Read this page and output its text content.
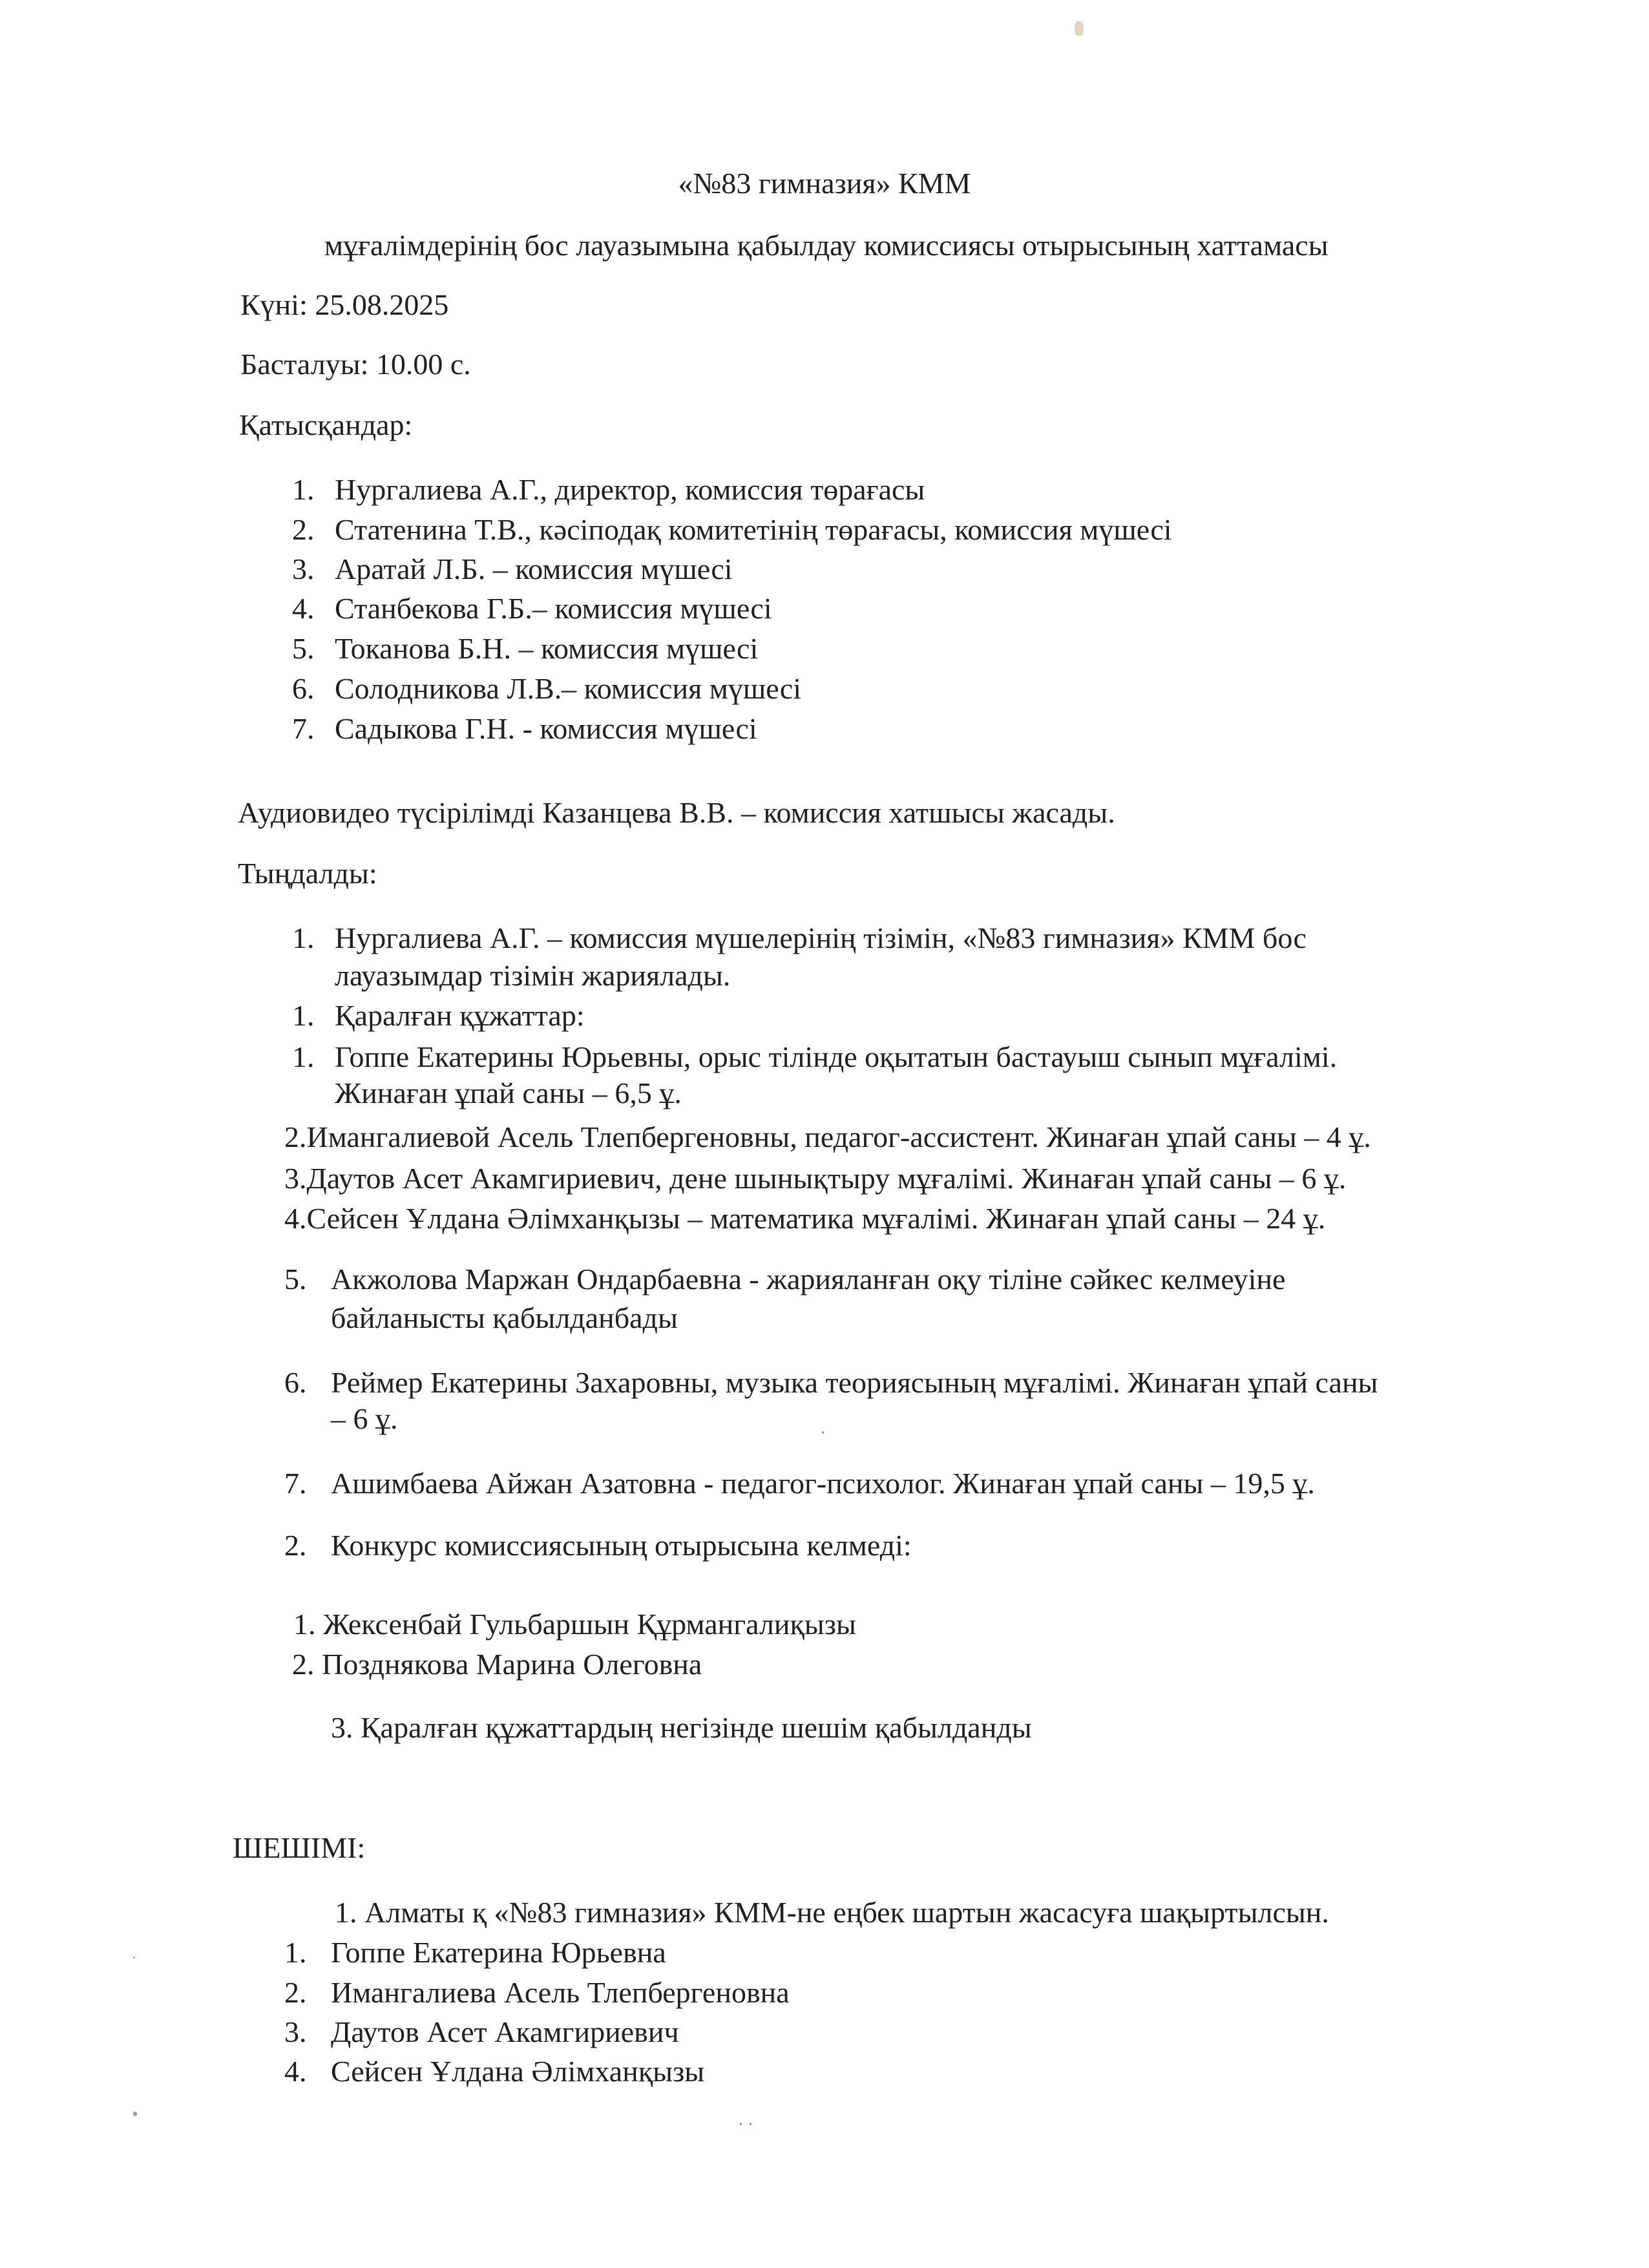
«№83 гимназия» КММ
мұғалімдерінің бос лауазымына қабылдау комиссиясы отырысының хаттамасы
Күні: 25.08.2025
Басталуы: 10.00 с.
Қатысқандар:
1. Нургалиева А.Г., директор, комиссия төрағасы
2. Статенина Т.В., кәсіподақ комитетінің төрағасы, комиссия мүшесі
3. Аратай Л.Б. – комиссия мүшесі
4. Станбекова Г.Б.– комиссия мүшесі
5. Токанова Б.Н. – комиссия мүшесі
6. Солодникова Л.В.– комиссия мүшесі
7. Садыкова Г.Н. - комиссия мүшесі
Аудиовидео түсірілімді Казанцева В.В. – комиссия хатшысы жасады.
Тыңдалды:
1. Нургалиева А.Г. – комиссия мүшелерінің тізімін, «№83 гимназия» КММ бос
лауазымдар тізімін жариялады.
1. Қаралған құжаттар:
1. Гоппе Екатерины Юрьевны, орыс тілінде оқытатын бастауыш сынып мұғалімі.
Жинаған ұпай саны – 6,5 ұ.
2.Имангалиевой Асель Тлепбергеновны, педагог-ассистент. Жинаған ұпай саны – 4 ұ.
3.Даутов Асет Акамгириевич, дене шынықтыру мұғалімі. Жинаған ұпай саны – 6 ұ.
4.Сейсен Ұлдана Әлімханқызы – математика мұғалімі. Жинаған ұпай саны – 24 ұ.
5. Акжолова Маржан Ондарбаевна - жарияланған оқу тіліне сәйкес келмеуіне
байланысты қабылданбады
6. Реймер Екатерины Захаровны, музыка теориясының мұғалімі. Жинаған ұпай саны
– 6 ұ.
7. Ашимбаева Айжан Азатовна - педагог-психолог. Жинаған ұпай саны – 19,5 ұ.
2. Конкурс комиссиясының отырысына келмеді:
1. Жексенбай Гульбаршын Құрмангалиқызы
2. Позднякова Марина Олеговна
3. Қаралған құжаттардың негізінде шешім қабылданды
ШЕШІМІ:
1. Алматы қ «№83 гимназия» КММ-не еңбек шартын жасасуға шақыртылсын.
1. Гоппе Екатерина Юрьевна
2. Имангалиева Асель Тлепбергеновна
3. Даутов Асет Акамгириевич
4. Сейсен Ұлдана Әлімханқызы
